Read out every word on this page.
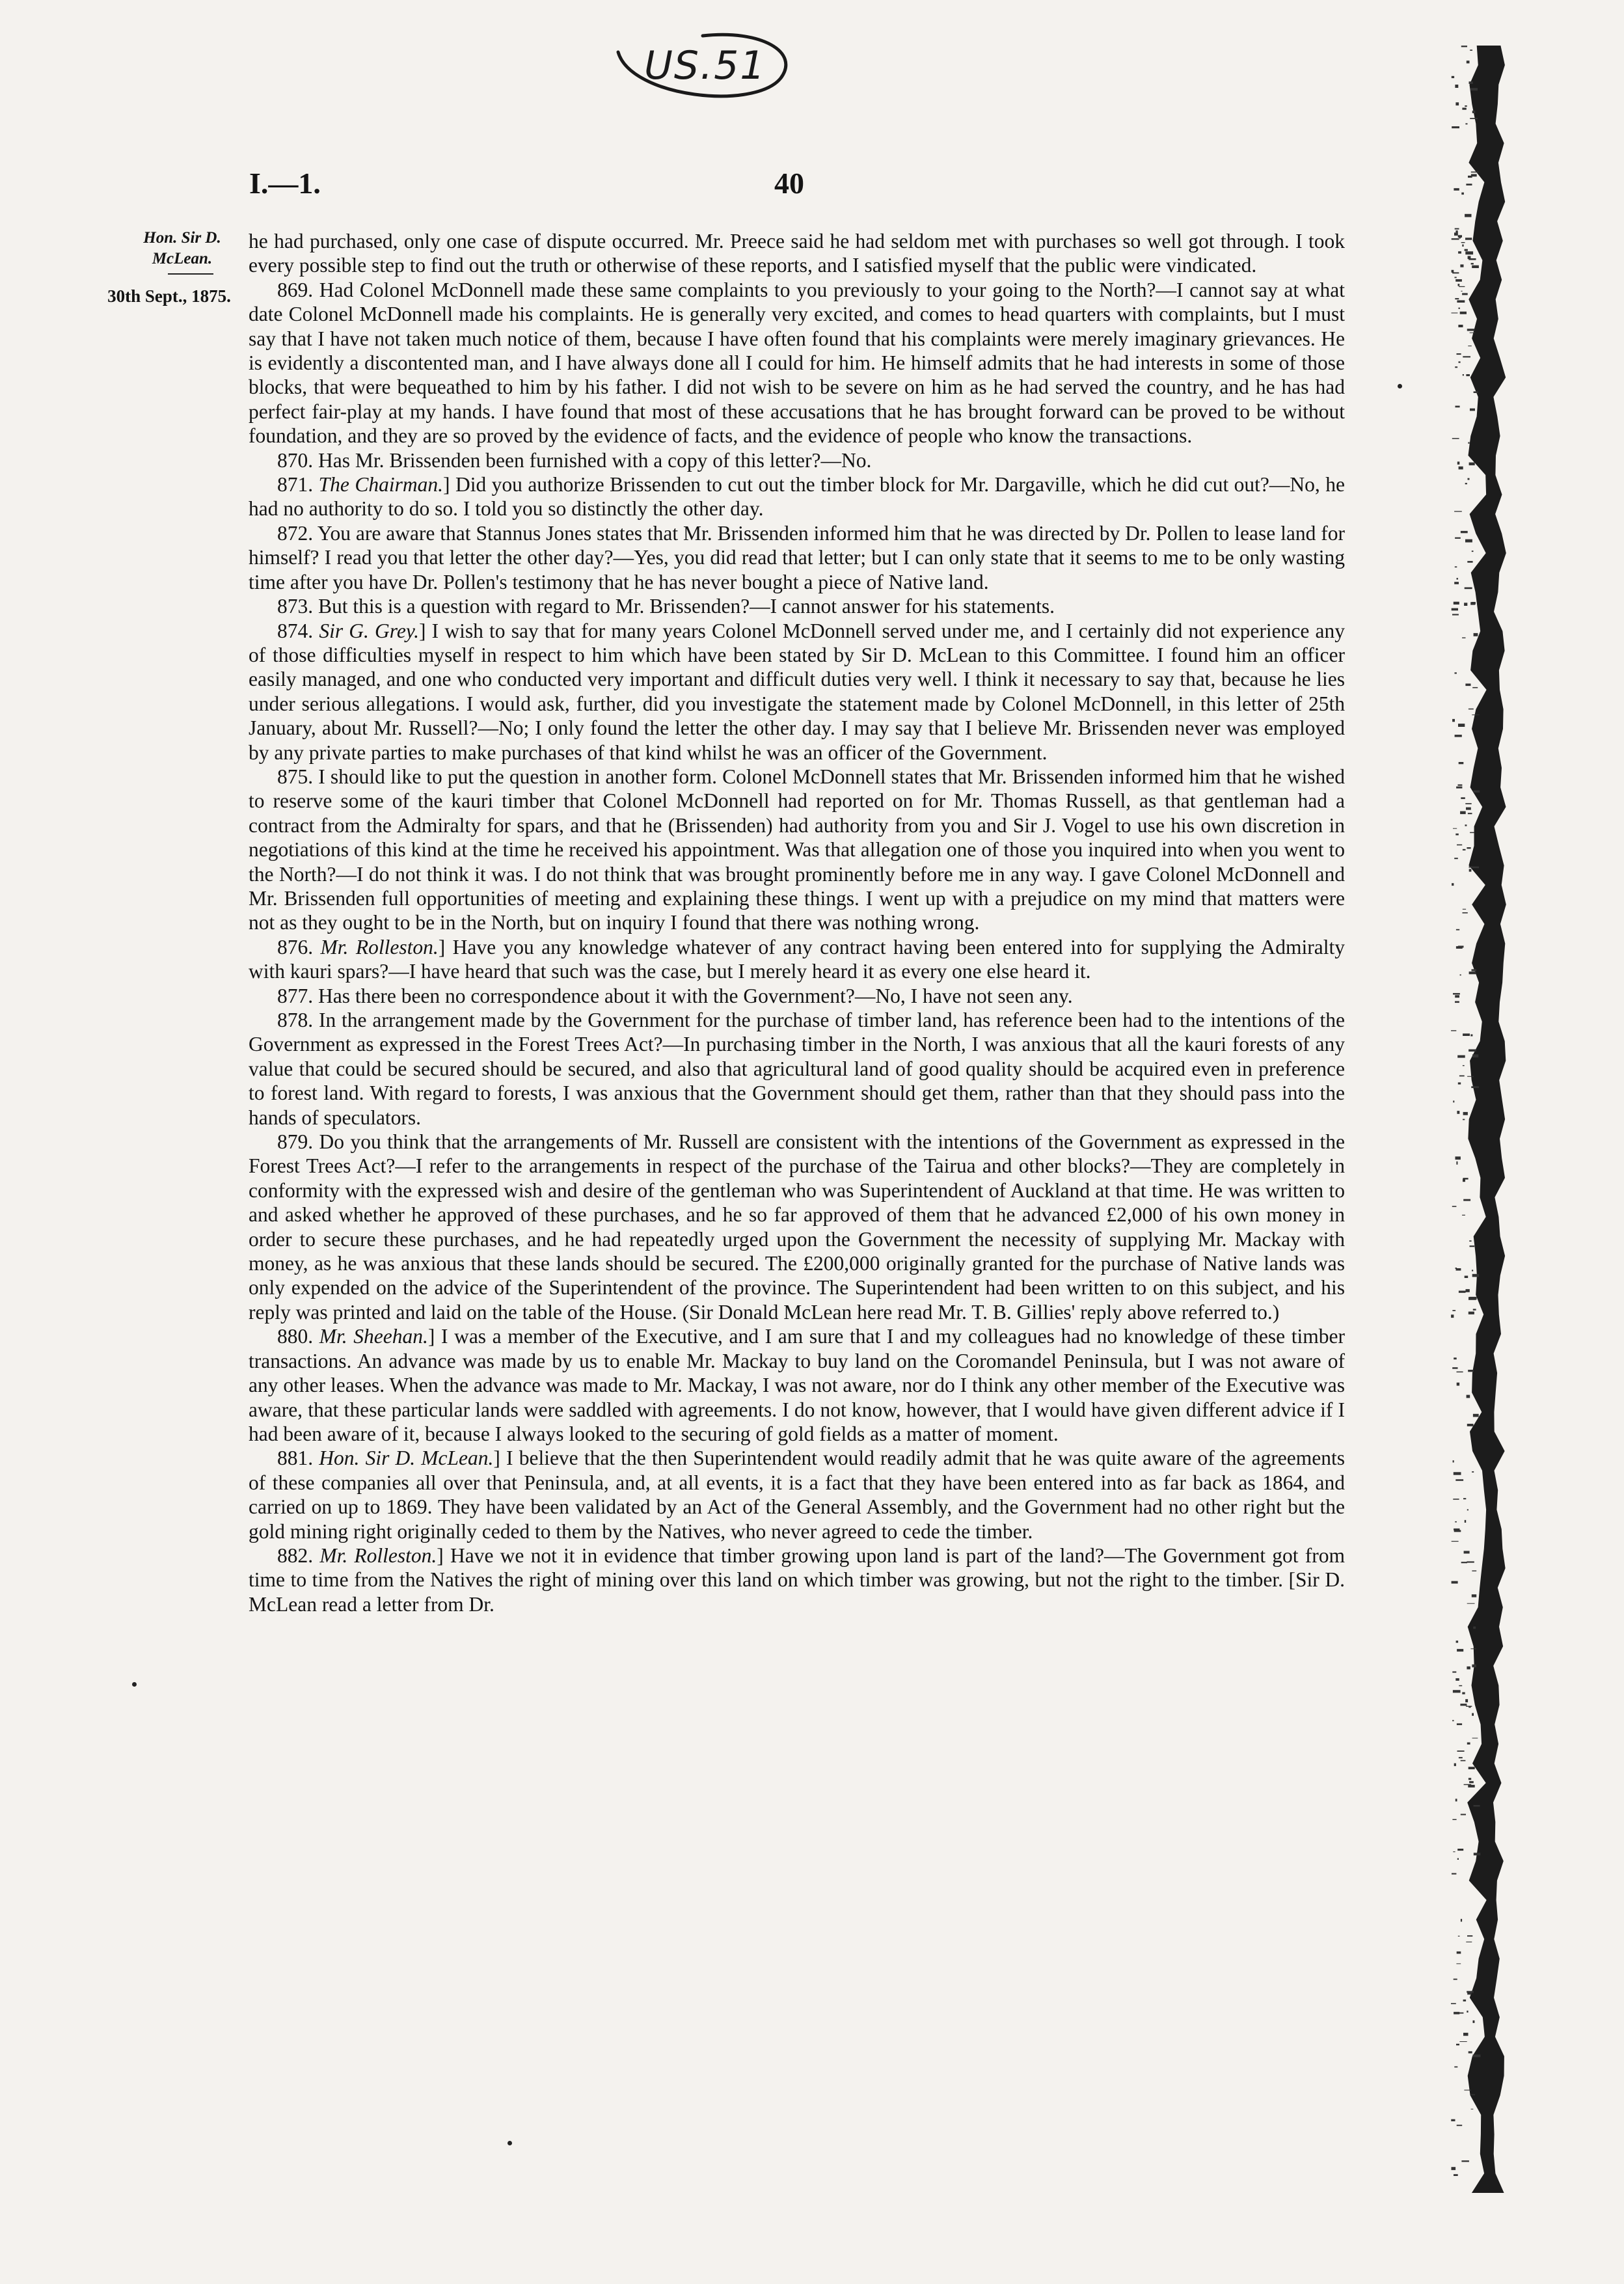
US.51
I.—1.	40
Hon. Sir D. McLean.
30th Sept., 1875.

he had purchased, only one case of dispute occurred. Mr. Preece said he had seldom met with purchases so well got through. I took every possible step to find out the truth or otherwise of these reports, and I satisfied myself that the public were vindicated.

869. Had Colonel McDonnell made these same complaints to you previously to your going to the North?—I cannot say at what date Colonel McDonnell made his complaints. He is generally very excited, and comes to head quarters with complaints, but I must say that I have not taken much notice of them, because I have often found that his complaints were merely imaginary grievances. He is evidently a discontented man, and I have always done all I could for him. He himself admits that he had interests in some of those blocks, that were bequeathed to him by his father. I did not wish to be severe on him as he had served the country, and he has had perfect fair-play at my hands. I have found that most of these accusations that he has brought forward can be proved to be without foundation, and they are so proved by the evidence of facts, and the evidence of people who know the transactions.

870. Has Mr. Brissenden been furnished with a copy of this letter?—No.

871. The Chairman.] Did you authorize Brissenden to cut out the timber block for Mr. Dargaville, which he did cut out?—No, he had no authority to do so. I told you so distinctly the other day.

872. You are aware that Stannus Jones states that Mr. Brissenden informed him that he was directed by Dr. Pollen to lease land for himself? I read you that letter the other day?—Yes, you did read that letter; but I can only state that it seems to me to be only wasting time after you have Dr. Pollen's testimony that he has never bought a piece of Native land.

873. But this is a question with regard to Mr. Brissenden?—I cannot answer for his statements.

874. Sir G. Grey.] I wish to say that for many years Colonel McDonnell served under me, and I certainly did not experience any of those difficulties myself in respect to him which have been stated by Sir D. McLean to this Committee. I found him an officer easily managed, and one who conducted very important and difficult duties very well. I think it necessary to say that, because he lies under serious allegations. I would ask, further, did you investigate the statement made by Colonel McDonnell, in this letter of 25th January, about Mr. Russell?—No; I only found the letter the other day. I may say that I believe Mr. Brissenden never was employed by any private parties to make purchases of that kind whilst he was an officer of the Government.

875. I should like to put the question in another form. Colonel McDonnell states that Mr. Brissenden informed him that he wished to reserve some of the kauri timber that Colonel McDonnell had reported on for Mr. Thomas Russell, as that gentleman had a contract from the Admiralty for spars, and that he (Brissenden) had authority from you and Sir J. Vogel to use his own discretion in negotiations of this kind at the time he received his appointment. Was that allegation one of those you inquired into when you went to the North?—I do not think it was. I do not think that was brought prominently before me in any way. I gave Colonel McDonnell and Mr. Brissenden full opportunities of meeting and explaining these things. I went up with a prejudice on my mind that matters were not as they ought to be in the North, but on inquiry I found that there was nothing wrong.

876. Mr. Rolleston.] Have you any knowledge whatever of any contract having been entered into for supplying the Admiralty with kauri spars?—I have heard that such was the case, but I merely heard it as every one else heard it.

877. Has there been no correspondence about it with the Government?—No, I have not seen any.

878. In the arrangement made by the Government for the purchase of timber land, has reference been had to the intentions of the Government as expressed in the Forest Trees Act?—In purchasing timber in the North, I was anxious that all the kauri forests of any value that could be secured should be secured, and also that agricultural land of good quality should be acquired even in preference to forest land. With regard to forests, I was anxious that the Government should get them, rather than that they should pass into the hands of speculators.

879. Do you think that the arrangements of Mr. Russell are consistent with the intentions of the Government as expressed in the Forest Trees Act?—I refer to the arrangements in respect of the purchase of the Tairua and other blocks?—They are completely in conformity with the expressed wish and desire of the gentleman who was Superintendent of Auckland at that time. He was written to and asked whether he approved of these purchases, and he so far approved of them that he advanced £2,000 of his own money in order to secure these purchases, and he had repeatedly urged upon the Government the necessity of supplying Mr. Mackay with money, as he was anxious that these lands should be secured. The £200,000 originally granted for the purchase of Native lands was only expended on the advice of the Superintendent of the province. The Superintendent had been written to on this subject, and his reply was printed and laid on the table of the House. (Sir Donald McLean here read Mr. T. B. Gillies' reply above referred to.)

880. Mr. Sheehan.] I was a member of the Executive, and I am sure that I and my colleagues had no knowledge of these timber transactions. An advance was made by us to enable Mr. Mackay to buy land on the Coromandel Peninsula, but I was not aware of any other leases. When the advance was made to Mr. Mackay, I was not aware, nor do I think any other member of the Executive was aware, that these particular lands were saddled with agreements. I do not know, however, that I would have given different advice if I had been aware of it, because I always looked to the securing of gold fields as a matter of moment.

881. Hon. Sir D. McLean.] I believe that the then Superintendent would readily admit that he was quite aware of the agreements of these companies all over that Peninsula, and, at all events, it is a fact that they have been entered into as far back as 1864, and carried on up to 1869. They have been validated by an Act of the General Assembly, and the Government had no other right but the gold mining right originally ceded to them by the Natives, who never agreed to cede the timber.

882. Mr. Rolleston.] Have we not it in evidence that timber growing upon land is part of the land?—The Government got from time to time from the Natives the right of mining over this land on which timber was growing, but not the right to the timber. [Sir D. McLean read a letter from Dr.
